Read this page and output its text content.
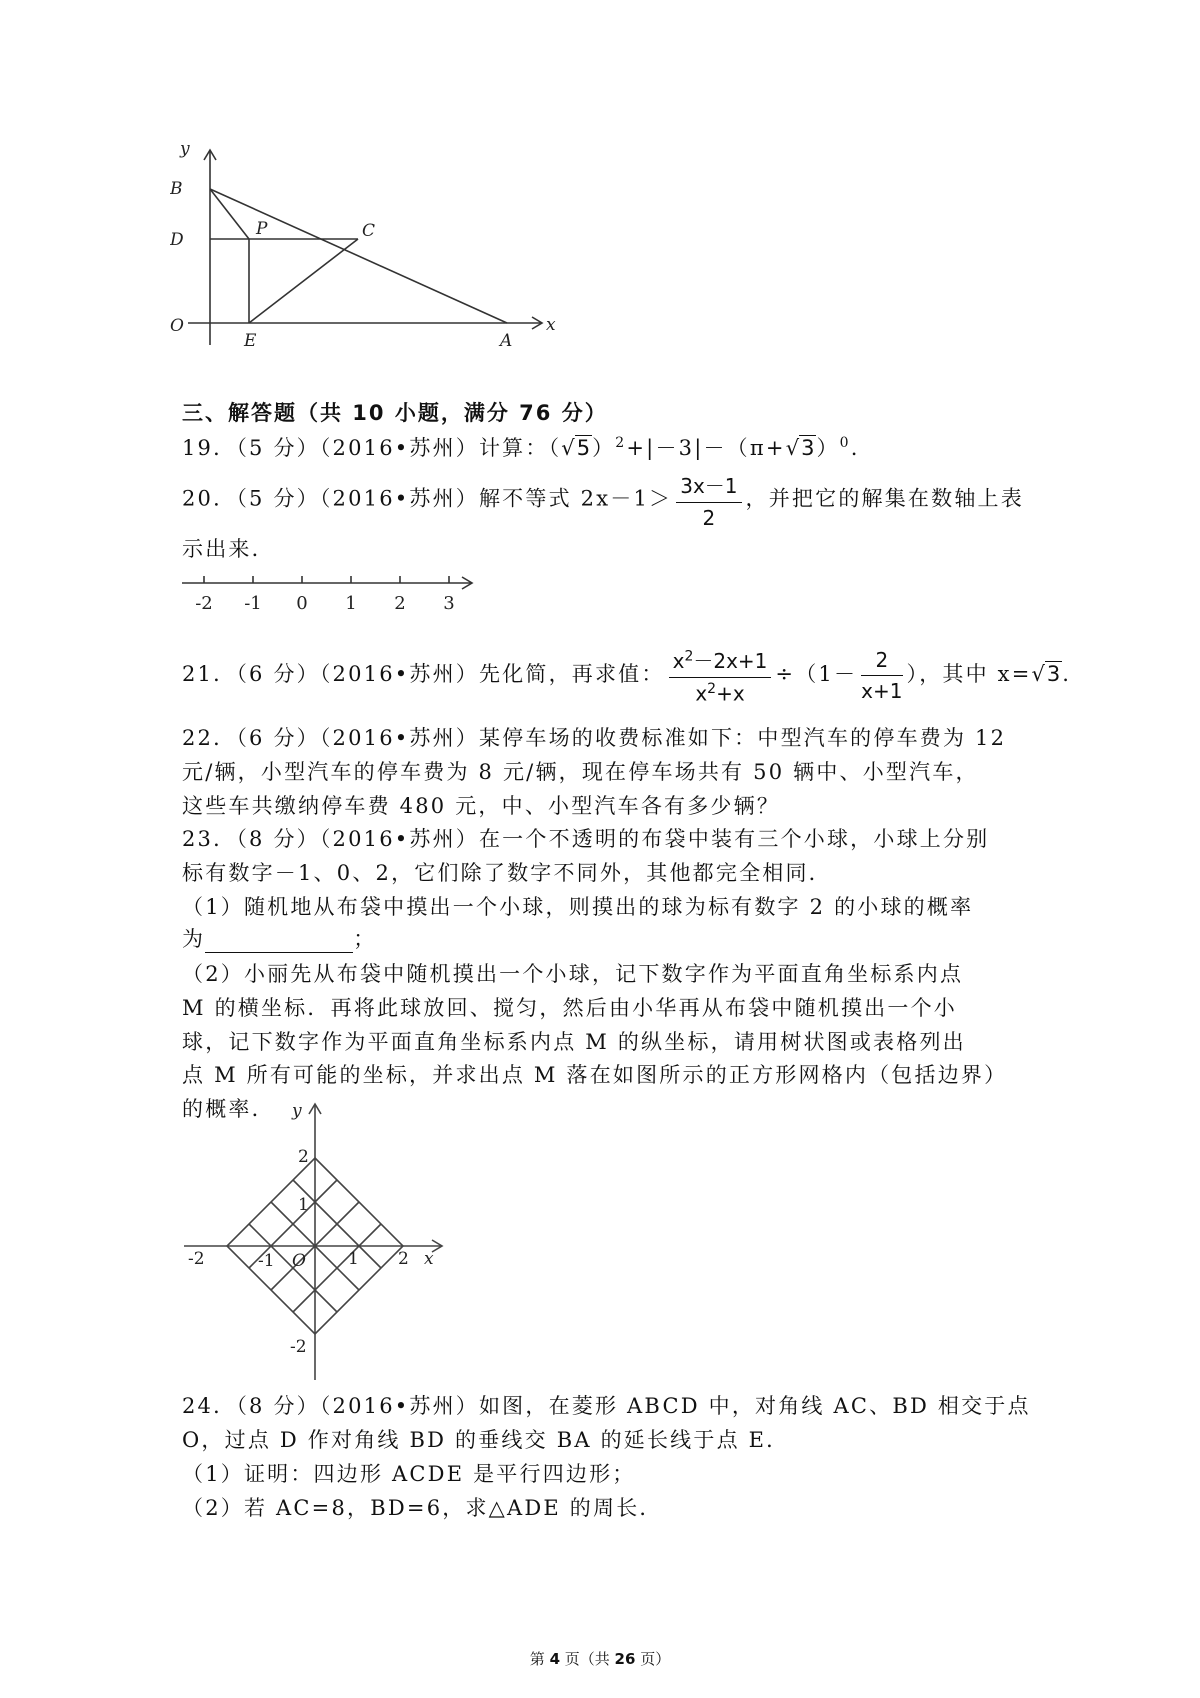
y
x
B
D
O
P	C
E	A
三、解答题（共 10 小题，满分 76 分）
19．（5 分）（2016•苏州）计算：$(√5)^2+|-3|-(\pi+√3)^0$.
20．（5 分）（2016•苏州）解不等式 $2x-1> \frac{3x-1}{2}$ ，并把它的解集在数轴上表
示出来．
-2 -1 0 1 2 3
21．（6 分）（2016•苏州）先化简，再求值： $\frac{x^2-2x+1}{x^2+x} \div(1- \frac{2}{x+1}$ ），其中 x=√3.
22．（6 分）（2016•苏州）某停车场的收费标准如下：中型汽车的停车费为 12
元/辆，小型汽车的停车费为 8 元/辆，现在停车场共有 50 辆中、小型汽车，
这些车共缴纳停车费 480 元，中、小型汽车各有多少辆？
23．（8 分）（2016•苏州）在一个不透明的布袋中装有三个小球，小球上分别
标有数字－1、0、2，它们除了数字不同外，其他都完全相同．
（1）随机地从布袋中摸出一个小球，则摸出的球为标有数字 2 的小球的概率
为	；
（2）小丽先从布袋中随机摸出一个小球，记下数字作为平面直角坐标系内点
M 的横坐标．再将此球放回、搅匀，然后由小华再从布袋中随机摸出一个小
球，记下数字作为平面直角坐标系内点 M 的纵坐标，请用树状图或表格列出
点 M 所有可能的坐标，并求出点 M 落在如图所示的正方形网格内（包括边界）
的概率． y
x
2
1
-2
-2	-1 O 1 2
24．（8 分）（2016•苏州）如图，在菱形 ABCD 中，对角线 AC、BD 相交于点
O，过点 D 作对角线 BD 的垂线交 BA 的延长线于点 E．
（1）证明：四边形 ACDE 是平行四边形；
（2）若 AC=8，BD=6，求△ADE 的周长．
第 4 页（共 26 页）
